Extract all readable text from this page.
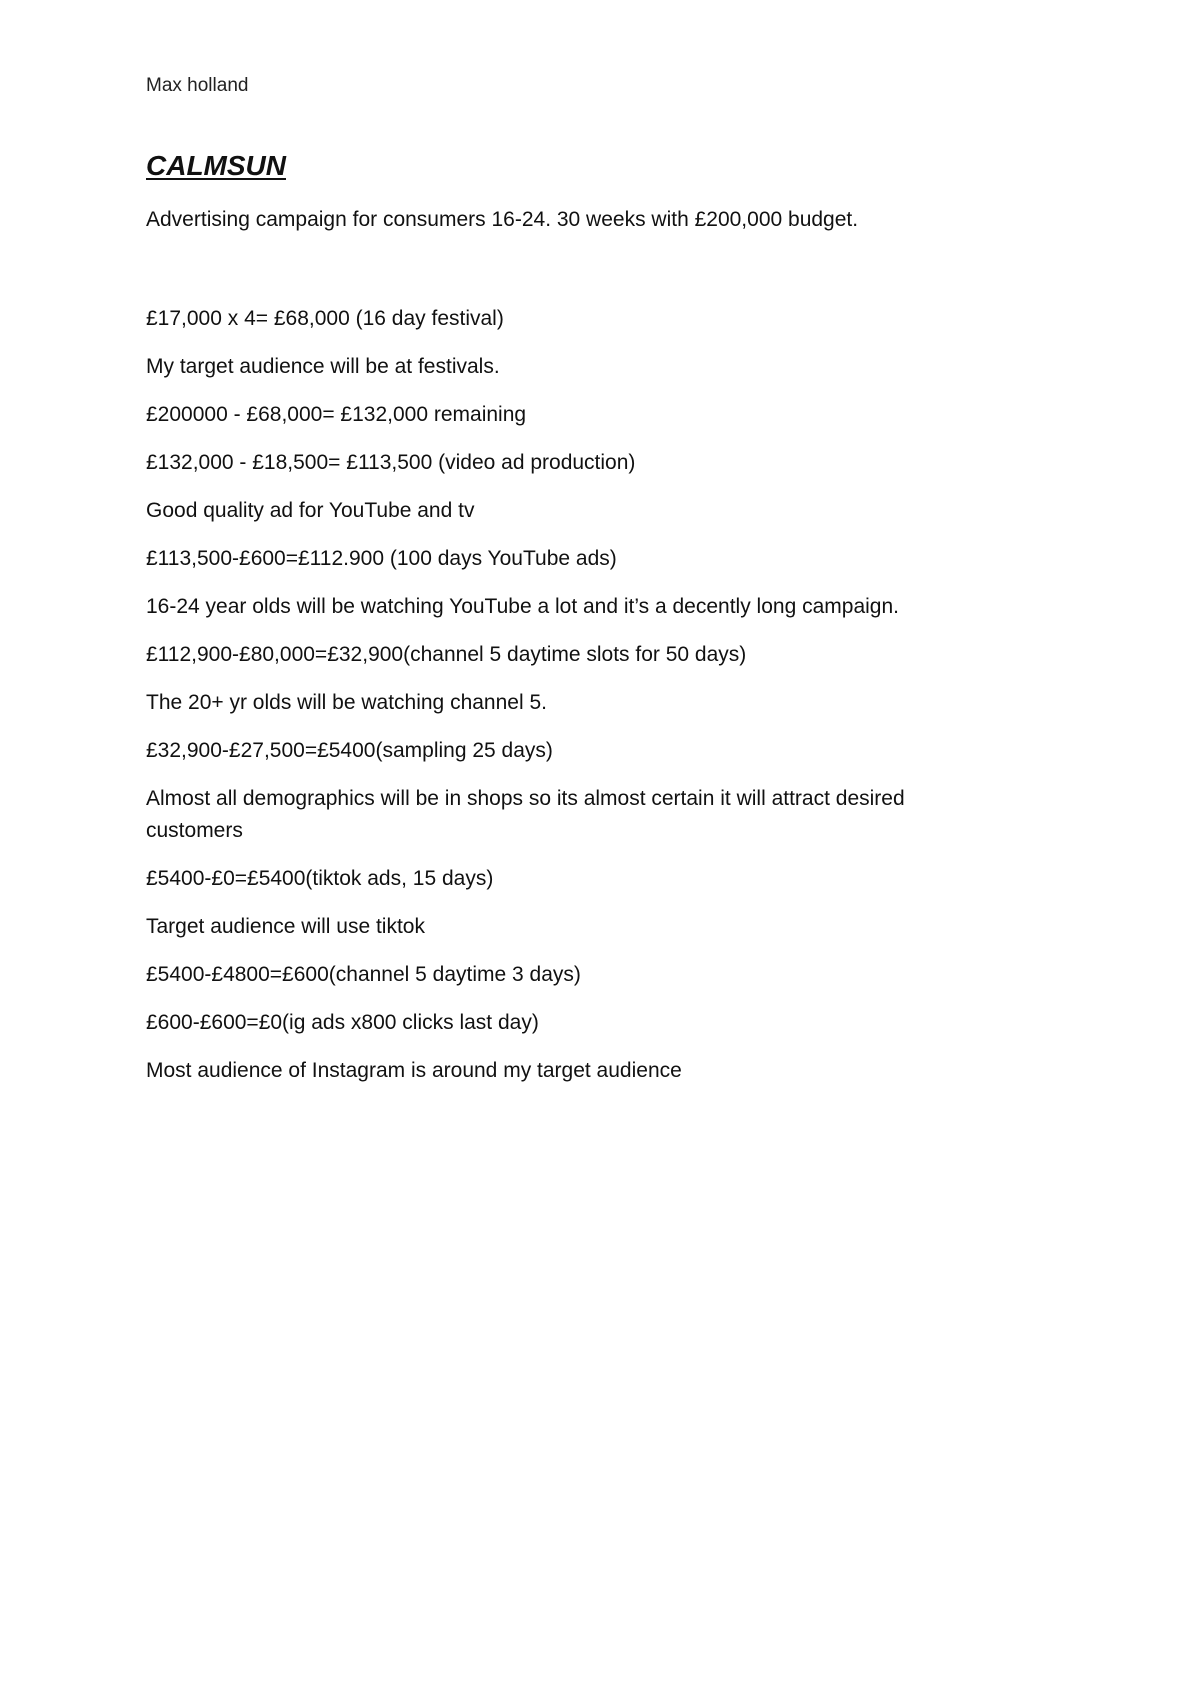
Max holland
CALMSUN
Advertising campaign for consumers 16-24. 30 weeks with £200,000 budget.
£17,000 x 4= £68,000 (16 day festival)
My target audience will be at festivals.
£200000 - £68,000= £132,000 remaining
£132,000 - £18,500= £113,500 (video ad production)
Good quality ad for YouTube and tv
£113,500-£600=£112.900 (100 days YouTube ads)
16-24 year olds will be watching YouTube a lot and it’s a decently long campaign.
£112,900-£80,000=£32,900(channel 5 daytime slots for 50 days)
The 20+ yr olds will be watching channel 5.
£32,900-£27,500=£5400(sampling 25 days)
Almost all demographics will be in shops so its almost certain it will attract desired customers
£5400-£0=£5400(tiktok ads, 15 days)
Target audience will use tiktok
£5400-£4800=£600(channel 5 daytime 3 days)
£600-£600=£0(ig ads x800 clicks last day)
Most audience of Instagram is around my target audience
